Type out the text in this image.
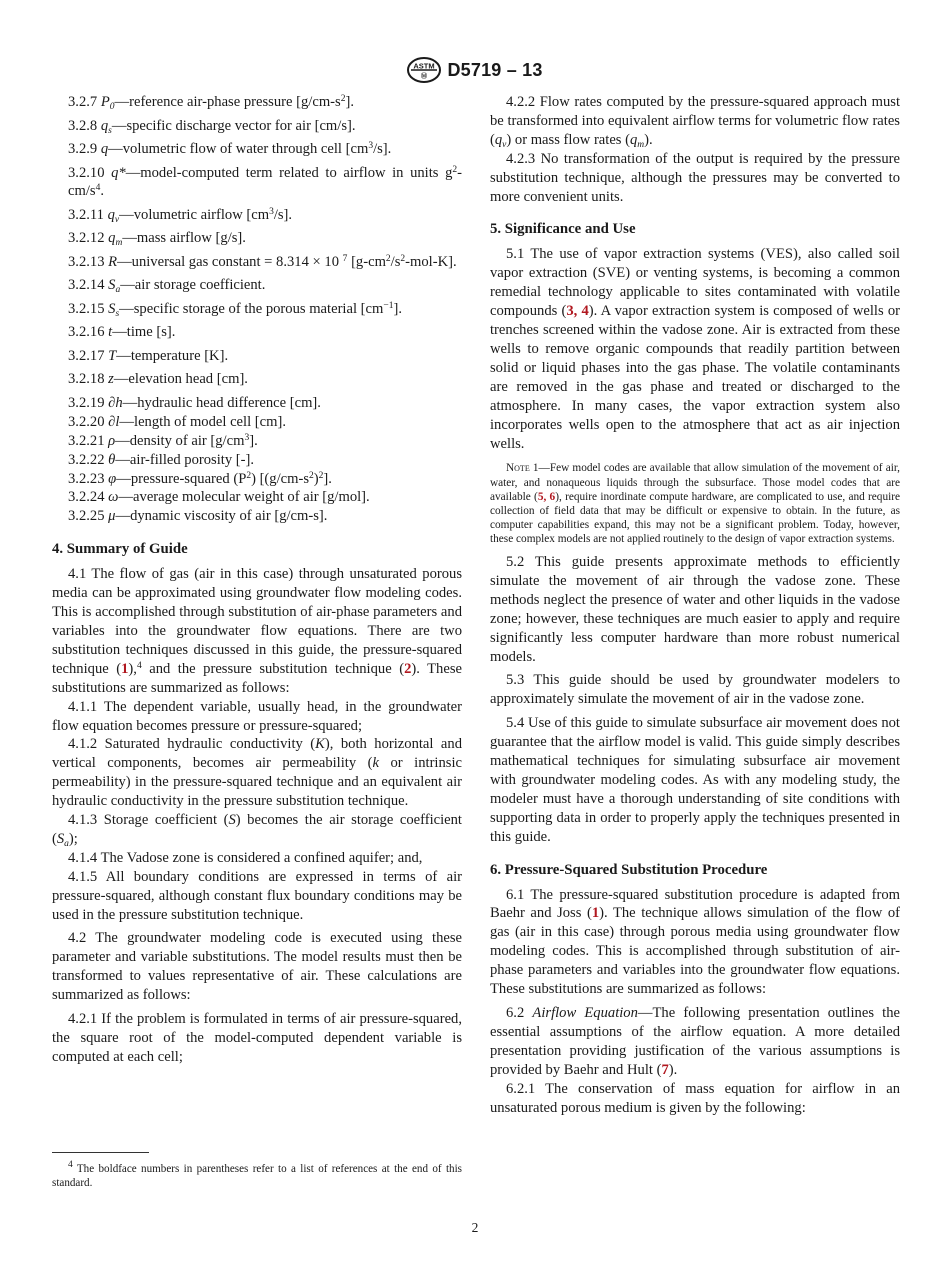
ASTM
Ⓜ D5719 – 13

3.2.7 $P_0—reference$ air-phase pressure $[g/cm-s^2]$.

3.2.8 $q_s—specific$ discharge vector for air [cm/s].

3.2.9 q—volumetric flow of water through cell $[cm^3/s]$.

3.2.10 q*—model-computed term related to airflow in units $g^2-cm/s^4$.

3.2.11 $q_v—volumetric$ airflow $[cm^3/s]$.

3.2.12 $q_m—mass$ airflow [g/s].

3.2.13 R—universal gas constant = 8.314 × 10 $^7$ $[g-cm^2/s^2-mol-K]$.

3.2.14 $S_a—air$ storage coefficient.

3.2.15 $S_s—specific$ storage of the porous material $[cm^{-1}]$.

3.2.16 t—time [s].

3.2.17 T—temperature [K].

3.2.18 z—elevation head [cm].

3.2.19 ∂h—hydraulic head difference [cm].

3.2.20 ∂l—length of model cell [cm].

3.2.21 ρ—density of air $[g/cm^3]$.

3.2.22 θ—air-filled porosity [-].

3.2.23 φ—pressure-squared $(P^2)$ $[(g/cm-s^2)^2]$.

3.2.24 ω—average molecular weight of air [g/mol].

3.2.25 μ—dynamic viscosity of air [g/cm-s].

4. Summary of Guide

4.1 The flow of gas (air in this case) through unsaturated porous media can be approximated using groundwater flow modeling codes. This is accomplished through substitution of air-phase parameters and variables into the groundwater flow equations. There are two substitution techniques discussed in this guide, the pressure-squared technique (1),$^4$ and the pressure substitution technique (2). These substitutions are summarized as follows:

4.1.1 The dependent variable, usually head, in the groundwater flow equation becomes pressure or pressure-squared;

4.1.2 Saturated hydraulic conductivity (K), both horizontal and vertical components, becomes air permeability (k or intrinsic permeability) in the pressure-squared technique and an equivalent air hydraulic conductivity in the pressure substitution technique.

4.1.3 Storage coefficient (S) becomes the air storage coefficient $(S_a)$;

4.1.4 The Vadose zone is considered a confined aquifer; and,

4.1.5 All boundary conditions are expressed in terms of air pressure-squared, although constant flux boundary conditions may be used in the pressure substitution technique.

4.2 The groundwater modeling code is executed using these parameter and variable substitutions. The model results must then be transformed to values representative of air. These calculations are summarized as follows:

4.2.1 If the problem is formulated in terms of air pressure-squared, the square root of the model-computed dependent variable is computed at each cell;

4.2.2 Flow rates computed by the pressure-squared approach must be transformed into equivalent airflow terms for volumetric flow rates $(q_v)$ or mass flow rates $(q_m)$.

4.2.3 No transformation of the output is required by the pressure substitution technique, although the pressures may be converted to more convenient units.

5. Significance and Use

5.1 The use of vapor extraction systems (VES), also called soil vapor extraction (SVE) or venting systems, is becoming a common remedial technology applicable to sites contaminated with volatile compounds (3, 4). A vapor extraction system is composed of wells or trenches screened within the vadose zone. Air is extracted from these wells to remove organic compounds that readily partition between solid or liquid phases into the gas phase. The volatile contaminants are removed in the gas phase and treated or discharged to the atmosphere. In many cases, the vapor extraction system also incorporates wells open to the atmosphere that act as air injection wells.

Note 1—Few model codes are available that allow simulation of the movement of air, water, and nonaqueous liquids through the subsurface. Those model codes that are available (5, 6), require inordinate compute hardware, are complicated to use, and require collection of field data that may be difficult or expensive to obtain. In the future, as computer capabilities expand, this may not be a significant problem. Today, however, these complex models are not applied routinely to the design of vapor extraction systems.

5.2 This guide presents approximate methods to efficiently simulate the movement of air through the vadose zone. These methods neglect the presence of water and other liquids in the vadose zone; however, these techniques are much easier to apply and require significantly less computer hardware than more robust numerical models.

5.3 This guide should be used by groundwater modelers to approximately simulate the movement of air in the vadose zone.

5.4 Use of this guide to simulate subsurface air movement does not guarantee that the airflow model is valid. This guide simply describes mathematical techniques for simulating subsurface air movement with groundwater modeling codes. As with any modeling study, the modeler must have a thorough understanding of site conditions with supporting data in order to properly apply the techniques presented in this guide.

6. Pressure-Squared Substitution Procedure

6.1 The pressure-squared substitution procedure is adapted from Baehr and Joss (1). The technique allows simulation of the flow of gas (air in this case) through porous media using groundwater flow modeling codes. This is accomplished through substitution of air-phase parameters and variables into the groundwater flow equations. These substitutions are summarized as follows:

6.2 Airflow Equation—The following presentation outlines the essential assumptions of the airflow equation. A more detailed presentation providing justification of the various assumptions is provided by Baehr and Hult (7).

6.2.1 The conservation of mass equation for airflow in an unsaturated porous medium is given by the following:

$^4$ The boldface numbers in parentheses refer to a list of references at the end of this standard.

2
